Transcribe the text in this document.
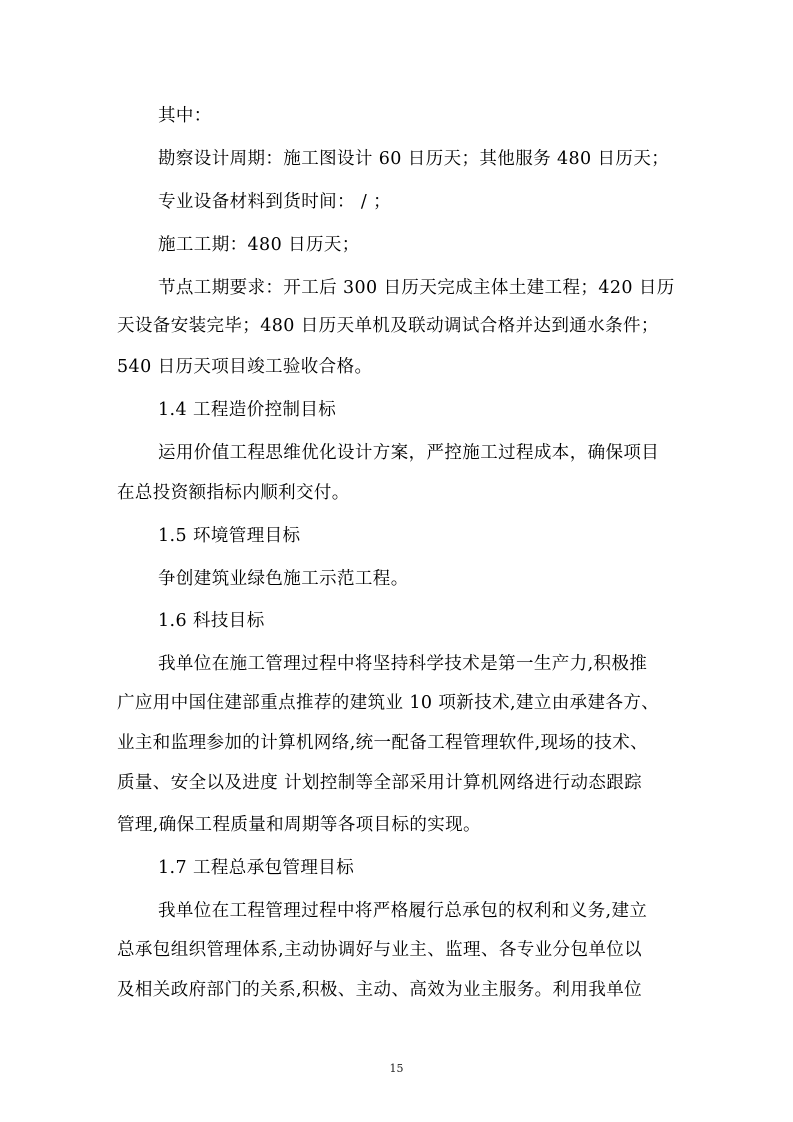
其中：
勘察设计周期：施工图设计 60 日历天；其他服务 480 日历天；
专业设备材料到货时间： / ；
施工工期：480 日历天；
节点工期要求：开工后 300 日历天完成主体土建工程；420 日历
天设备安装完毕；480 日历天单机及联动调试合格并达到通水条件；
540 日历天项目竣工验收合格。
1.4 工程造价控制目标
运用价值工程思维优化设计方案，严控施工过程成本，确保项目
在总投资额指标内顺利交付。
1.5 环境管理目标
争创建筑业绿色施工示范工程。
1.6 科技目标
我单位在施工管理过程中将坚持科学技术是第一生产力,积极推
广应用中国住建部重点推荐的建筑业 10 项新技术,建立由承建各方、
业主和监理参加的计算机网络,统一配备工程管理软件,现场的技术、
质量、安全以及进度 计划控制等全部采用计算机网络进行动态跟踪
管理,确保工程质量和周期等各项目标的实现。
1.7 工程总承包管理目标
我单位在工程管理过程中将严格履行总承包的权利和义务,建立
总承包组织管理体系,主动协调好与业主、监理、各专业分包单位以
及相关政府部门的关系,积极、主动、高效为业主服务。利用我单位
15
